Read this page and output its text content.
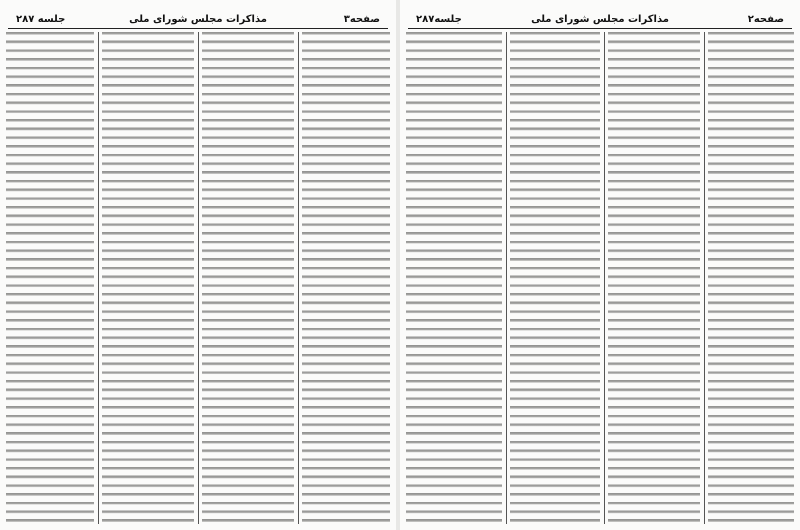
صفحه۳
مذاکرات مجلس شورای ملی
جلسه ۲۸۷	صفحه۲
مذاکرات مجلس شورای ملی
جلسه۲۸۷
